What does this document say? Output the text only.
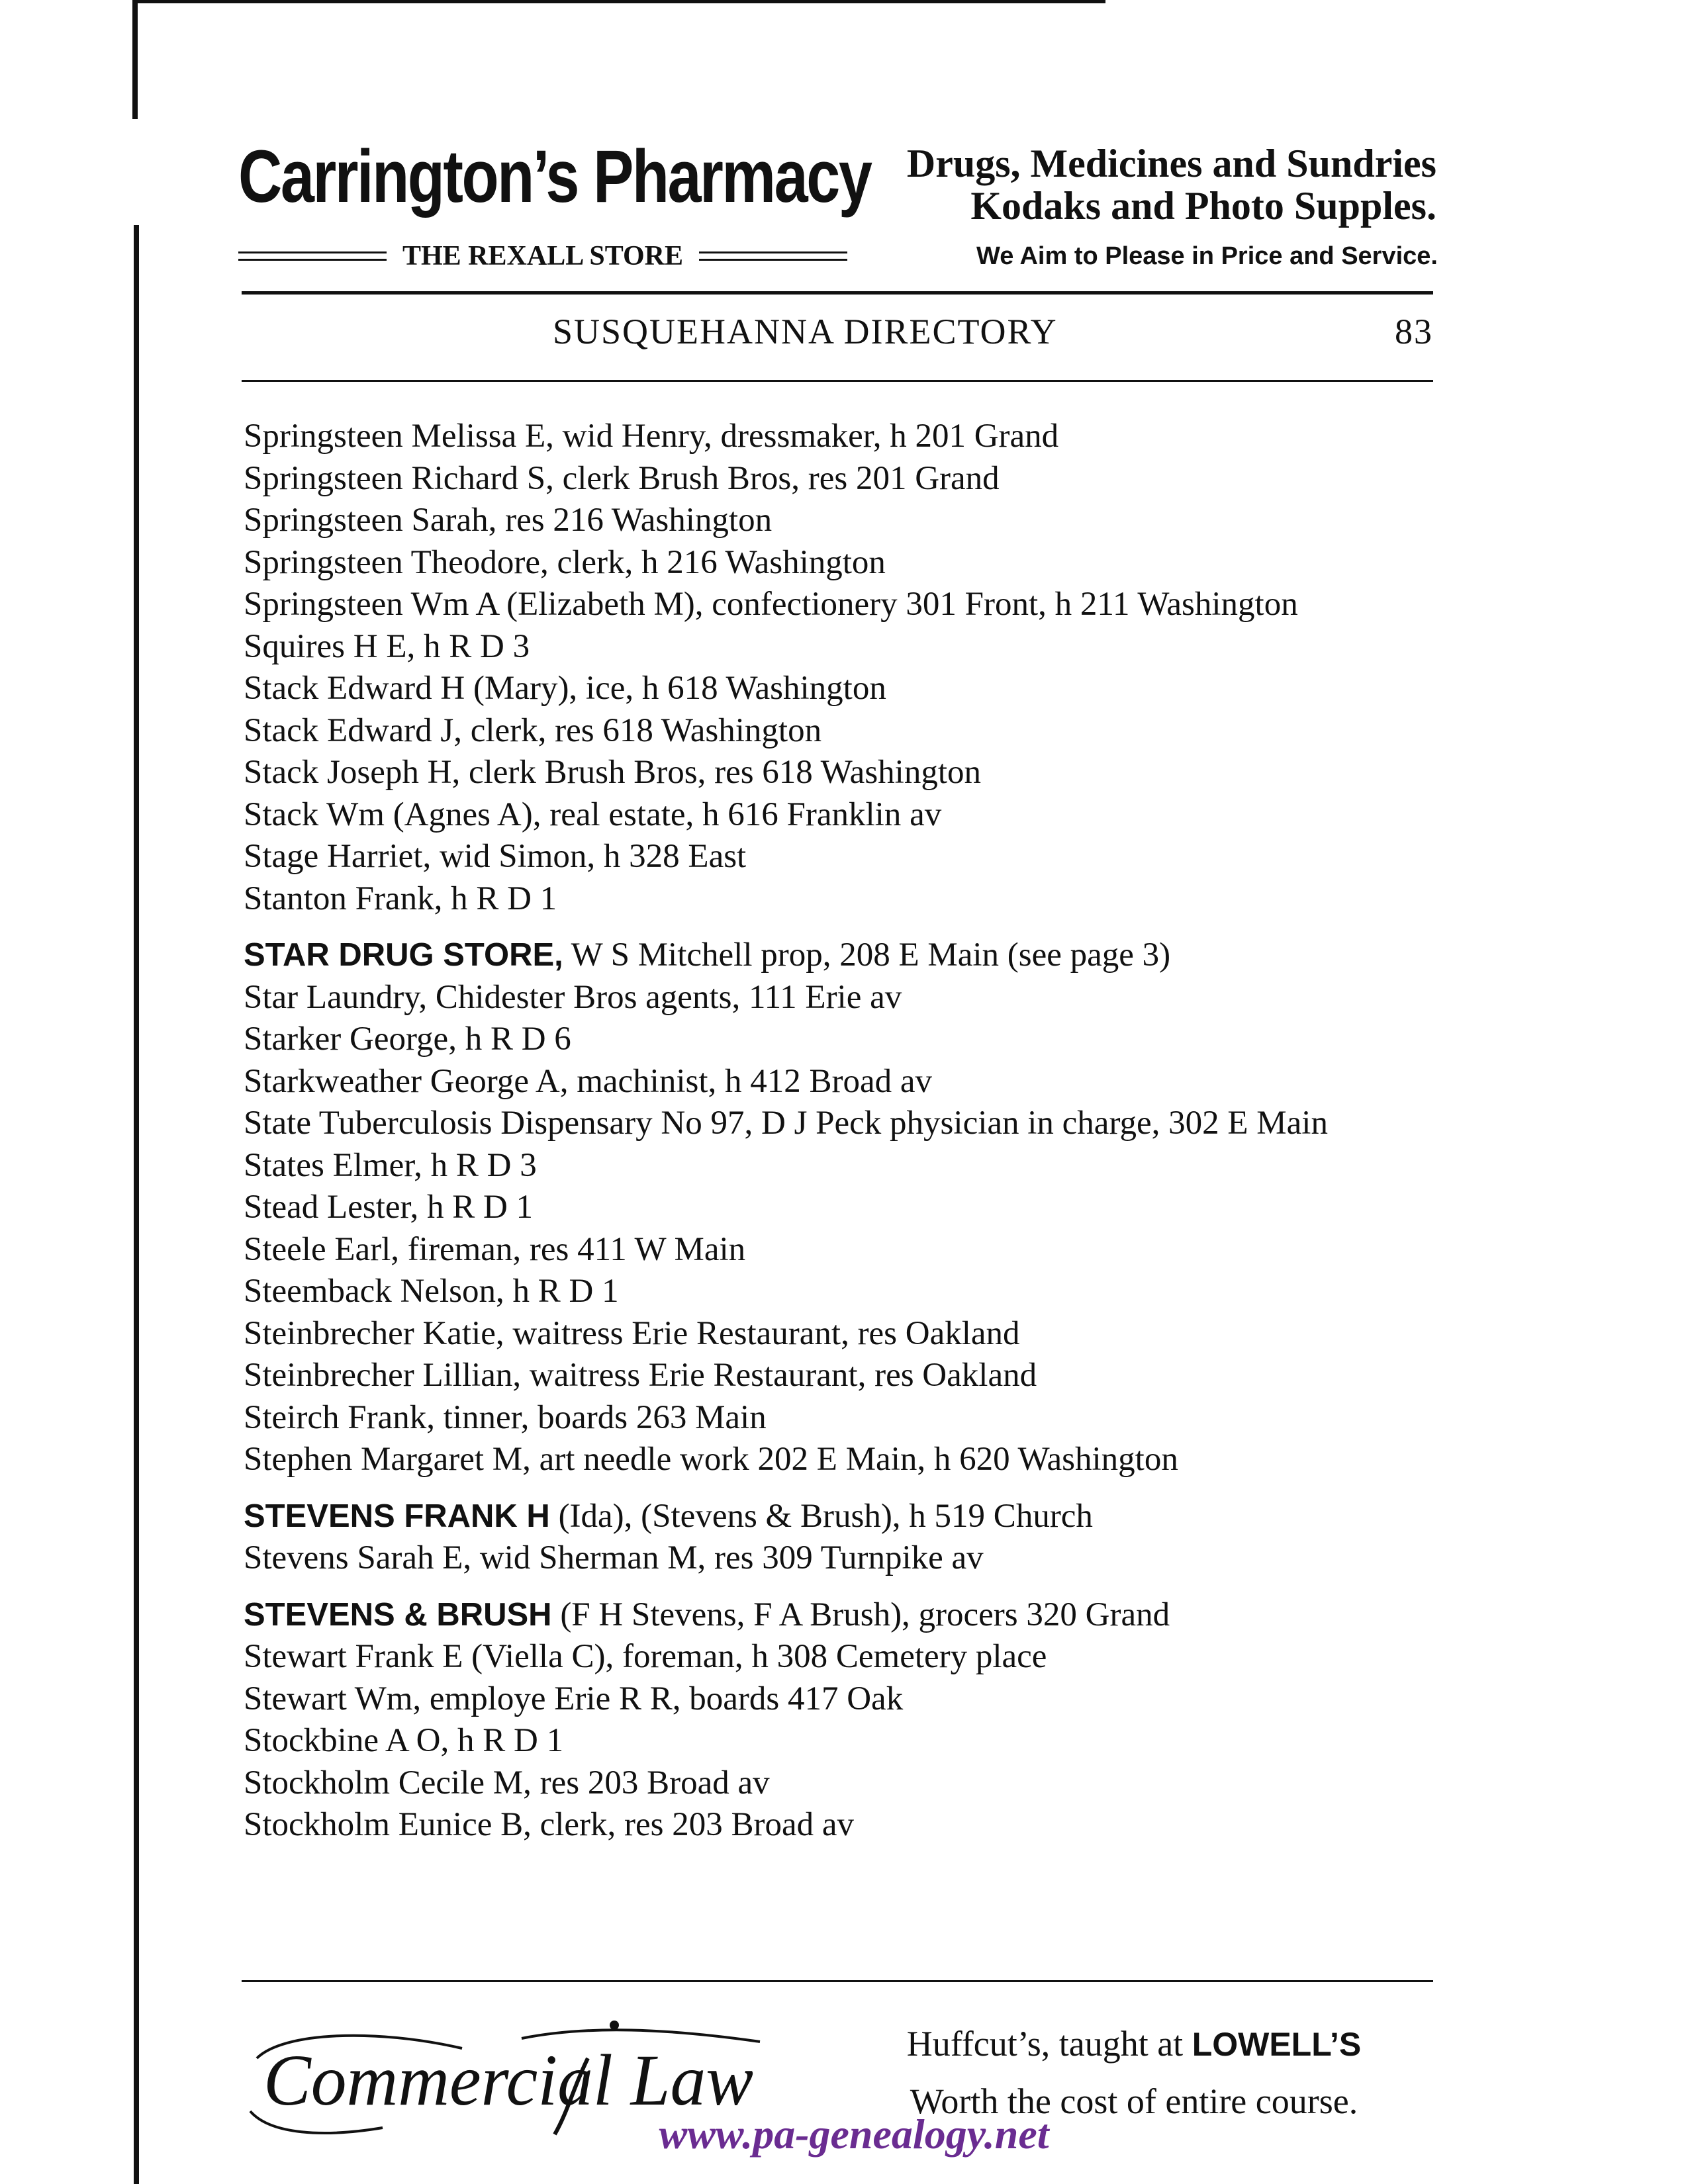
Carrington’s Pharmacy Drugs, Medicines and Sundries
Kodaks and Photo Supples.
THE REXALL STORE	We Aim to Please in Price and Service.
SUSQUEHANNA DIRECTORY	83
Springsteen Melissa E, wid Henry, dressmaker, h 201 Grand
Springsteen Richard S, clerk Brush Bros, res 201 Grand
Springsteen Sarah, res 216 Washington
Springsteen Theodore, clerk, h 216 Washington
Springsteen Wm A (Elizabeth M), confectionery 301 Front, h 211 Washington
Squires H E, h R D 3
Stack Edward H (Mary), ice, h 618 Washington
Stack Edward J, clerk, res 618 Washington
Stack Joseph H, clerk Brush Bros, res 618 Washington
Stack Wm (Agnes A), real estate, h 616 Franklin av
Stage Harriet, wid Simon, h 328 East
Stanton Frank, h R D 1
STAR DRUG STORE, W S Mitchell prop, 208 E Main (see page 3)
Star Laundry, Chidester Bros agents, 111 Erie av
Starker George, h R D 6
Starkweather George A, machinist, h 412 Broad av
State Tuberculosis Dispensary No 97, D J Peck physician in charge, 302 E Main
States Elmer, h R D 3
Stead Lester, h R D 1
Steele Earl, fireman, res 411 W Main
Steemback Nelson, h R D 1
Steinbrecher Katie, waitress Erie Restaurant, res Oakland
Steinbrecher Lillian, waitress Erie Restaurant, res Oakland
Steirch Frank, tinner, boards 263 Main
Stephen Margaret M, art needle work 202 E Main, h 620 Washington
STEVENS FRANK H (Ida), (Stevens & Brush), h 519 Church
Stevens Sarah E, wid Sherman M, res 309 Turnpike av
STEVENS & BRUSH (F H Stevens, F A Brush), grocers 320 Grand
Stewart Frank E (Viella C), foreman, h 308 Cemetery place
Stewart Wm, employe Erie R R, boards 417 Oak
Stockbine A O, h R D 1
Stockholm Cecile M, res 203 Broad av
Stockholm Eunice B, clerk, res 203 Broad av
Commercial Law	Huffcut’s, taught at LOWELL’S
Worth the cost of entire course.
www.pa-genealogy.net
